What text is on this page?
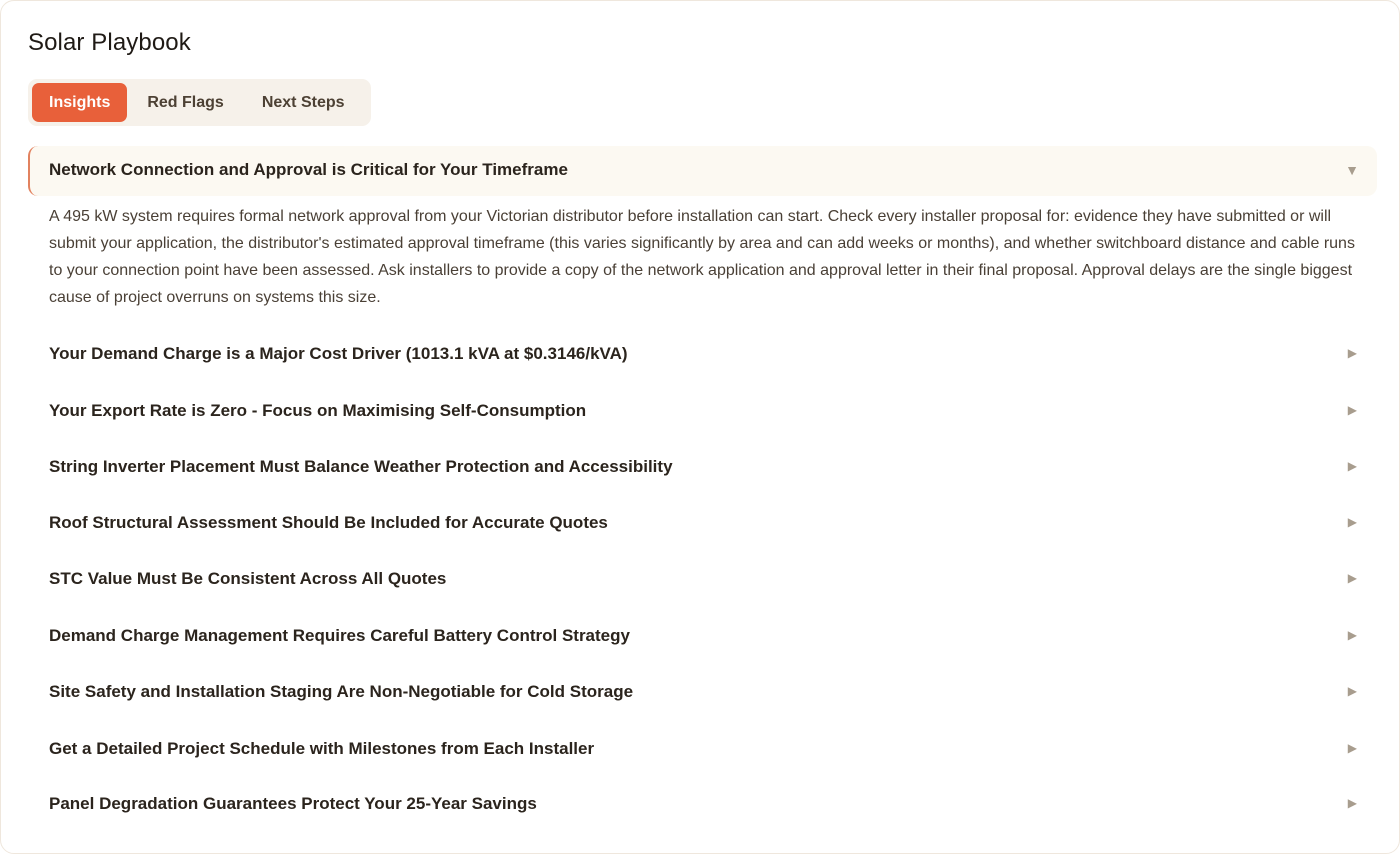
Solar Playbook
Insights	Red Flags	Next Steps
Network Connection and Approval is Critical for Your Timeframe	▼
A 495 kW system requires formal network approval from your Victorian distributor before installation can start. Check every installer proposal for: evidence they have submitted or will submit your application, the distributor's estimated approval timeframe (this varies significantly by area and can add weeks or months), and whether switchboard distance and cable runs to your connection point have been assessed. Ask installers to provide a copy of the network application and approval letter in their final proposal. Approval delays are the single biggest cause of project overruns on systems this size.
Your Demand Charge is a Major Cost Driver (1013.1 kVA at $0.3146/kVA)	▶
Your Export Rate is Zero - Focus on Maximising Self-Consumption	▶
String Inverter Placement Must Balance Weather Protection and Accessibility	▶
Roof Structural Assessment Should Be Included for Accurate Quotes	▶
STC Value Must Be Consistent Across All Quotes	▶
Demand Charge Management Requires Careful Battery Control Strategy	▶
Site Safety and Installation Staging Are Non-Negotiable for Cold Storage	▶
Get a Detailed Project Schedule with Milestones from Each Installer	▶
Panel Degradation Guarantees Protect Your 25-Year Savings	▶
